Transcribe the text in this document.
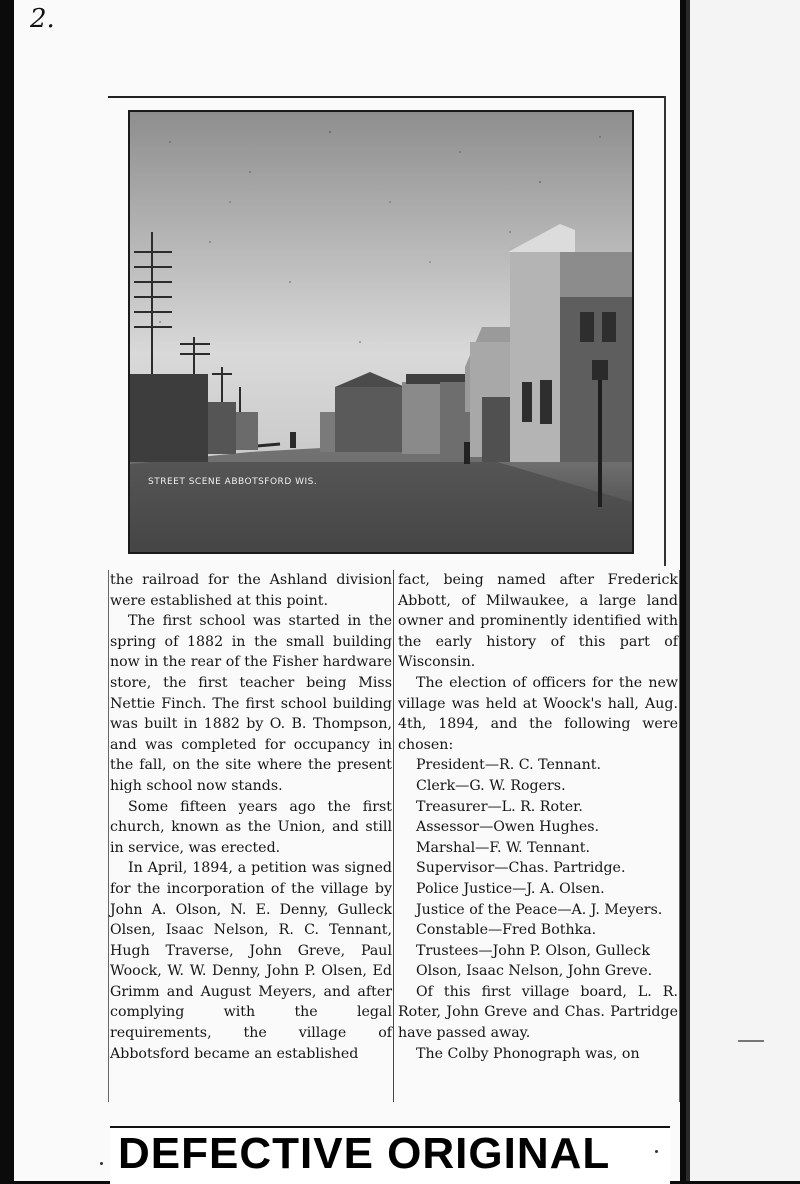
2.
STREET SCENE ABBOTSFORD WIS.

the railroad for the Ashland division were established at this point.

The first school was started in the spring of 1882 in the small building now in the rear of the Fisher hardware store, the first teacher being Miss Nettie Finch. The first school building was built in 1882 by O. B. Thompson, and was completed for occupancy in the fall, on the site where the present high school now stands.

Some fifteen years ago the first church, known as the Union, and still in service, was erected.

In April, 1894, a petition was signed for the incorporation of the village by John A. Olson, N. E. Denny, Gulleck Olsen, Isaac Nelson, R. C. Tennant, Hugh Traverse, John Greve, Paul Woock, W. W. Denny, John P. Olsen, Ed Grimm and August Meyers, and after complying with the legal requirements, the village of Abbotsford became an established

fact, being named after Frederick Abbott, of Milwaukee, a large land owner and prominently identified with the early history of this part of Wisconsin.

The election of officers for the new village was held at Woock's hall, Aug. 4th, 1894, and the following were chosen:

President—R. C. Tennant.

Clerk—G. W. Rogers.

Treasurer—L. R. Roter.

Assessor—Owen Hughes.

Marshal—F. W. Tennant.

Supervisor—Chas. Partridge.

Police Justice—J. A. Olsen.

Justice of the Peace—A. J. Meyers.

Constable—Fred Bothka.

Trustees—John P. Olson, Gulleck Olson, Isaac Nelson, John Greve.

Of this first village board, L. R. Roter, John Greve and Chas. Partridge have passed away.

The Colby Phonograph was, on

DEFECTIVE ORIGINAL
